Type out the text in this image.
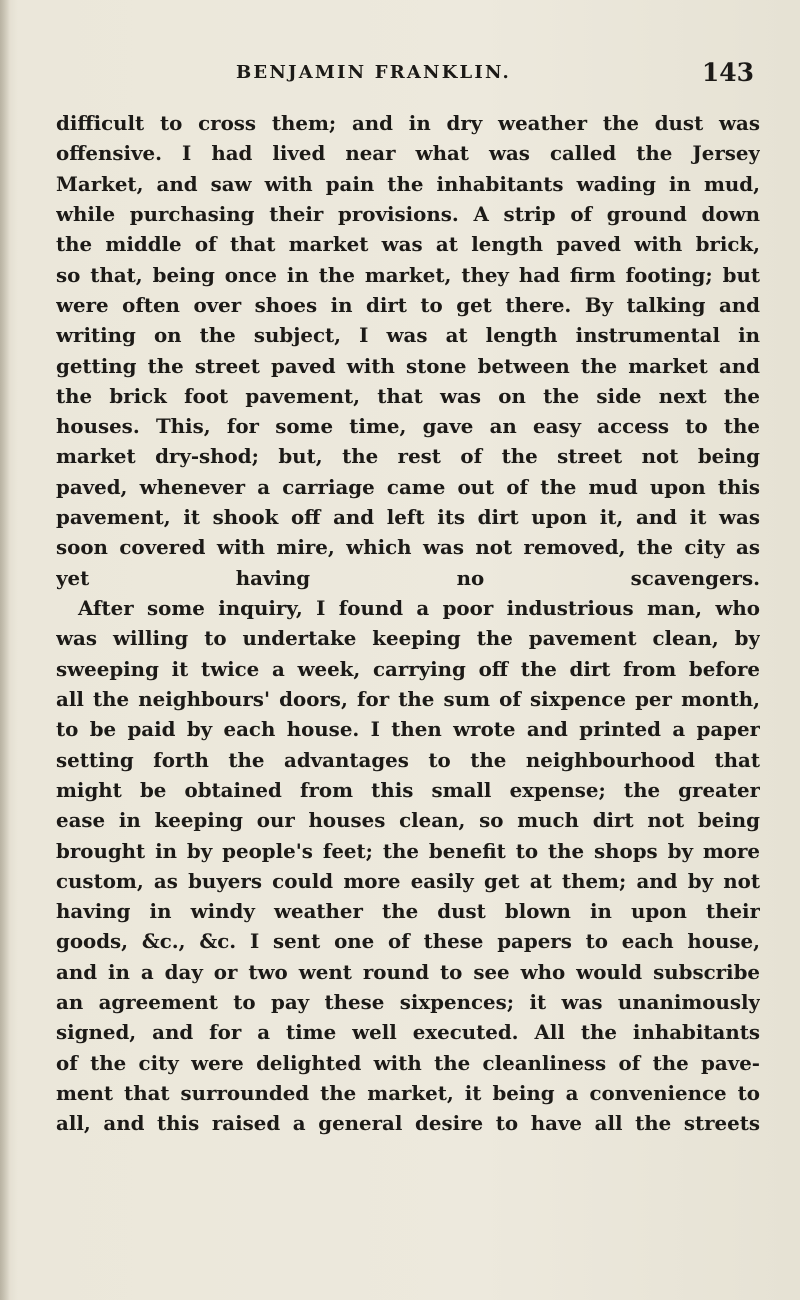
BENJAMIN FRANKLIN.	143
difficult to cross them; and in dry weather the dust was
offensive. I had lived near what was called the Jersey
Market, and saw with pain the inhabitants wading in mud,
while purchasing their provisions. A strip of ground down
the middle of that market was at length paved with brick,
so that, being once in the market, they had firm footing; but
were often over shoes in dirt to get there. By talking and
writing on the subject, I was at length instrumental in
getting the street paved with stone between the market and
the brick foot pavement, that was on the side next the
houses. This, for some time, gave an easy access to the
market dry-shod; but, the rest of the street not being
paved, whenever a carriage came out of the mud upon this
pavement, it shook off and left its dirt upon it, and it was
soon covered with mire, which was not removed, the city as
yet having no scavengers.
After some inquiry, I found a poor industrious man, who
was willing to undertake keeping the pavement clean, by
sweeping it twice a week, carrying off the dirt from before
all the neighbours' doors, for the sum of sixpence per month,
to be paid by each house. I then wrote and printed a paper
setting forth the advantages to the neighbourhood that
might be obtained from this small expense; the greater
ease in keeping our houses clean, so much dirt not being
brought in by people's feet; the benefit to the shops by more
custom, as buyers could more easily get at them; and by not
having in windy weather the dust blown in upon their
goods, &c., &c. I sent one of these papers to each house,
and in a day or two went round to see who would subscribe
an agreement to pay these sixpences; it was unanimously
signed, and for a time well executed. All the inhabitants
of the city were delighted with the cleanliness of the pave-
ment that surrounded the market, it being a convenience to
all, and this raised a general desire to have all the streets
